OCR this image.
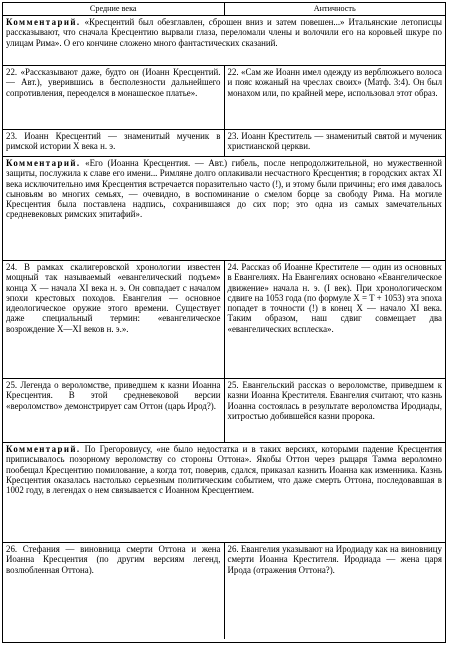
Средние века	Античность
Комментарий. «Кресцентий был обезглавлен, сброшен вниз и затем повешен...» Итальянские летописцы рассказывают, что сначала Кресцентию вырвали глаза, переломали члены и волочили его на коровьей шкуре по улицам Рима». О его кончине сложено много фантастических сказаний.
22. «Рассказывают даже, будто он (Иоанн Кресцентий. — Авт.), уверившись в бесполезности дальнейшего сопротивления, переоделся в монашеское платье».
22. «Сам же Иоанн имел одежду из верблюжьего волоса и пояс кожаный на чреслах своих» (Матф. 3:4). Он был монахом или, по крайней мере, использовал этот образ.
23. Иоанн Кресцентий — знаменитый мученик в римской истории X века н. э.
23. Иоанн Креститель — знаменитый святой и мученик христианской церкви.
Комментарий. «Его (Иоанна Кресцентия. — Авт.) гибель, после непродолжительной, но мужественной защиты, послужила к славе его имени... Римляне долго оплакивали несчастного Кресцентия; в городских актах XI века исключительно имя Кресцентия встречается поразительно часто (!), и этому были причины; его имя давалось сыновьям во многих семьях, — очевидно, в воспоминание о смелом борце за свободу Рима. На могиле Кресцентия была поставлена надпись, сохранившаяся до сих пор; это одна из самых замечательных средневековых римских эпитафий».
24. В рамках скалигеровской хронологии известен мощный так называемый «евангелический подъем» конца X — начала XI века н. э. Он совпадает с началом эпохи крестовых походов. Евангелия — основное идеологическое оружие этого времени. Существует даже специальный термин: «евангелическое возрождение X—XI веков н. э.».
24. Рассказ об Иоанне Крестителе — один из основных в Евангелиях. На Евангелиях основано «Евангелическое движение» начала н. э. (I век). При хронологическом сдвиге на 1053 года (по формуле X = T + 1053) эта эпоха попадет в точности (!) в конец X — начало XI века. Таким образом, наш сдвиг совмещает два «евангелических всплеска».
25. Легенда о вероломстве, приведшем к казни Иоанна Кресцентия. В этой средневековой версии «вероломство» демонстрирует сам Оттон (царь Ирод?).
25. Евангельский рассказ о вероломстве, приведшем к казни Иоанна Крестителя. Евангелия считают, что казнь Иоанна состоялась в результате вероломства Иродиады, хитростью добившейся казни пророка.
Комментарий. По Грегоровиусу, «не было недостатка и в таких версиях, которыми падение Кресцентия приписывалось позорному вероломству со стороны Оттона». Якобы Оттон через рыцаря Тамма вероломно пообещал Кресцентию помилование, а когда тот, поверив, сдался, приказал казнить Иоанна как изменника. Казнь Кресцентия оказалась настолько серьезным политическим событием, что даже смерть Оттона, последовавшая в 1002 году, в легендах о нем связывается с Иоанном Кресцентием.
26. Стефания — виновница смерти Оттона и жена Иоанна Кресцентия (по другим версиям легенд, возлюбленная Оттона).
26. Евангелия указывают на Иродиаду как на виновницу смерти Иоанна Крестителя. Иродиада — жена царя Ирода (отражения Оттона?).
